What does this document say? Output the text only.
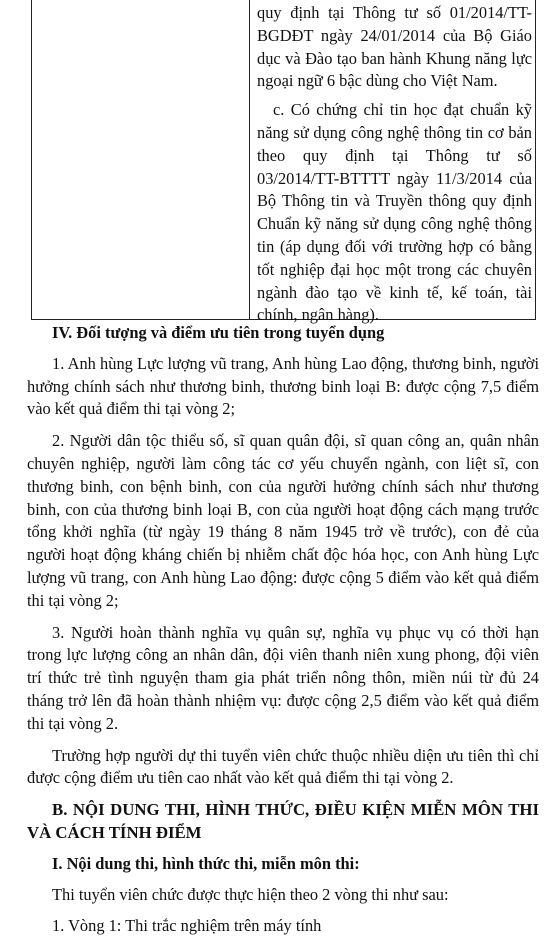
quy định tại Thông tư số 01/2014/TT-BGDĐT ngày 24/01/2014 của Bộ Giáo dục và Đào tạo ban hành Khung năng lực ngoại ngữ 6 bậc dùng cho Việt Nam.

c. Có chứng chỉ tin học đạt chuẩn kỹ năng sử dụng công nghệ thông tin cơ bản theo quy định tại Thông tư số 03/2014/TT-BTTTT ngày 11/3/2014 của Bộ Thông tin và Truyền thông quy định Chuẩn kỹ năng sử dụng công nghệ thông tin (áp dụng đối với trường hợp có bằng tốt nghiệp đại học một trong các chuyên ngành đào tạo về kinh tế, kế toán, tài chính, ngân hàng).

IV. Đối tượng và điểm ưu tiên trong tuyển dụng

1. Anh hùng Lực lượng vũ trang, Anh hùng Lao động, thương binh, người hưởng chính sách như thương binh, thương binh loại B: được cộng 7,5 điểm vào kết quả điểm thi tại vòng 2;

2. Người dân tộc thiểu số, sĩ quan quân đội, sĩ quan công an, quân nhân chuyên nghiệp, người làm công tác cơ yếu chuyển ngành, con liệt sĩ, con thương binh, con bệnh binh, con của người hưởng chính sách như thương binh, con của thương binh loại B, con của người hoạt động cách mạng trước tổng khởi nghĩa (từ ngày 19 tháng 8 năm 1945 trở về trước), con đẻ của người hoạt động kháng chiến bị nhiễm chất độc hóa học, con Anh hùng Lực lượng vũ trang, con Anh hùng Lao động: được cộng 5 điểm vào kết quả điểm thi tại vòng 2;

3. Người hoàn thành nghĩa vụ quân sự, nghĩa vụ phục vụ có thời hạn trong lực lượng công an nhân dân, đội viên thanh niên xung phong, đội viên trí thức trẻ tình nguyện tham gia phát triển nông thôn, miền núi từ đủ 24 tháng trở lên đã hoàn thành nhiệm vụ: được cộng 2,5 điểm vào kết quả điểm thi tại vòng 2.

Trường hợp người dự thi tuyển viên chức thuộc nhiều diện ưu tiên thì chỉ được cộng điểm ưu tiên cao nhất vào kết quả điểm thi tại vòng 2.

B. NỘI DUNG THI, HÌNH THỨC, ĐIỀU KIỆN MIỄN MÔN THI VÀ CÁCH TÍNH ĐIỂM
I. Nội dung thi, hình thức thi, miễn môn thi:

Thi tuyển viên chức được thực hiện theo 2 vòng thi như sau:

1. Vòng 1: Thi trắc nghiệm trên máy tính
